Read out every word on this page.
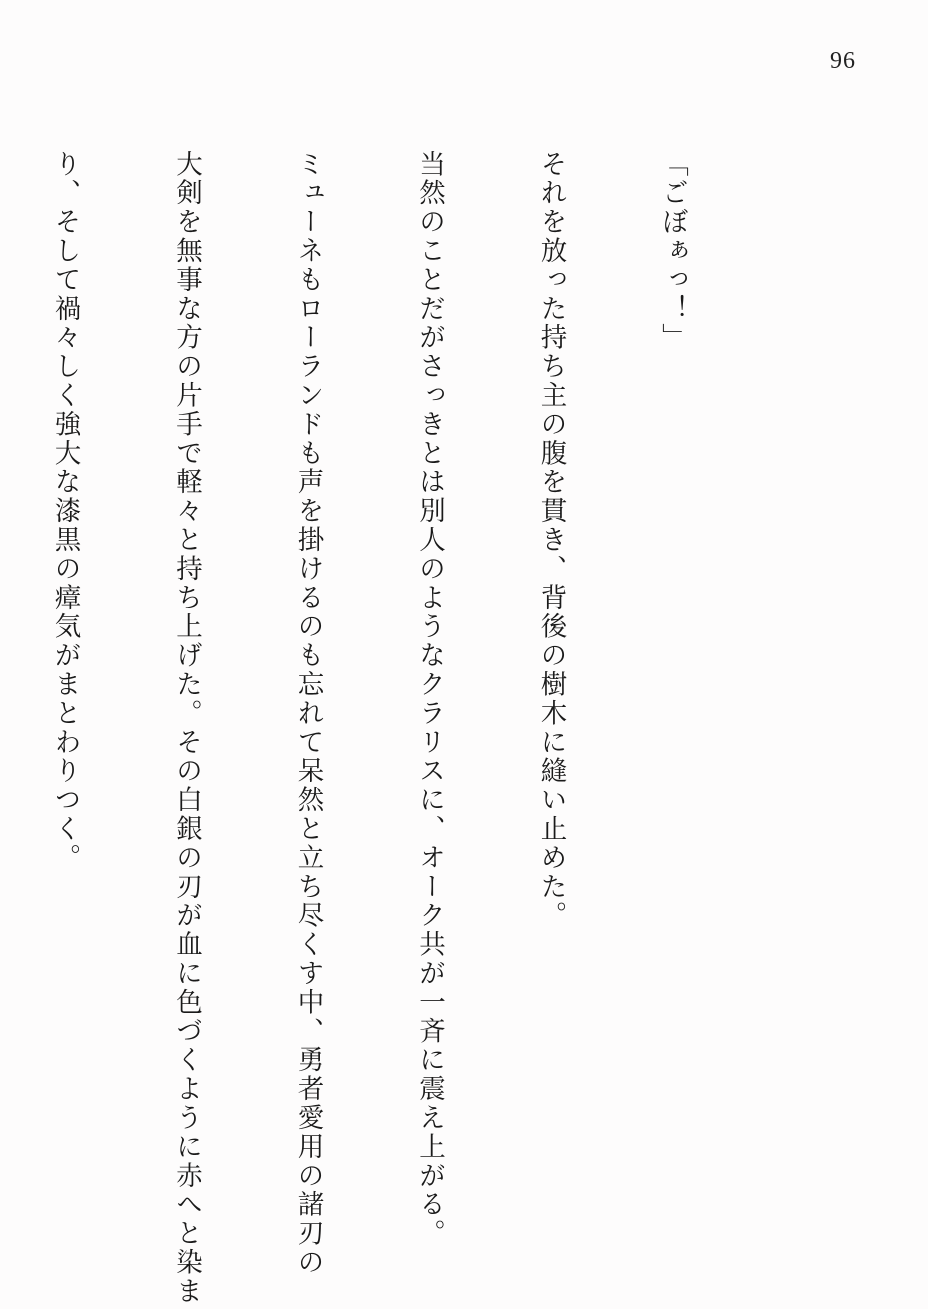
96

「ごぼぁっ！」

それを放った持ち主の腹を貫き、背後の樹木に縫い止めた。

当然のことだがさっきとは別人のようなクラリスに、オーク共が一斉に震え上がる。

ミューネもローランドも声を掛けるのも忘れて呆然と立ち尽くす中、勇者愛用の諸刃の

大剣を無事な方の片手で軽々と持ち上げた。その白銀の刃が血に色づくように赤へと染ま

り、そして禍々しく強大な漆黒の瘴気がまとわりつく。
